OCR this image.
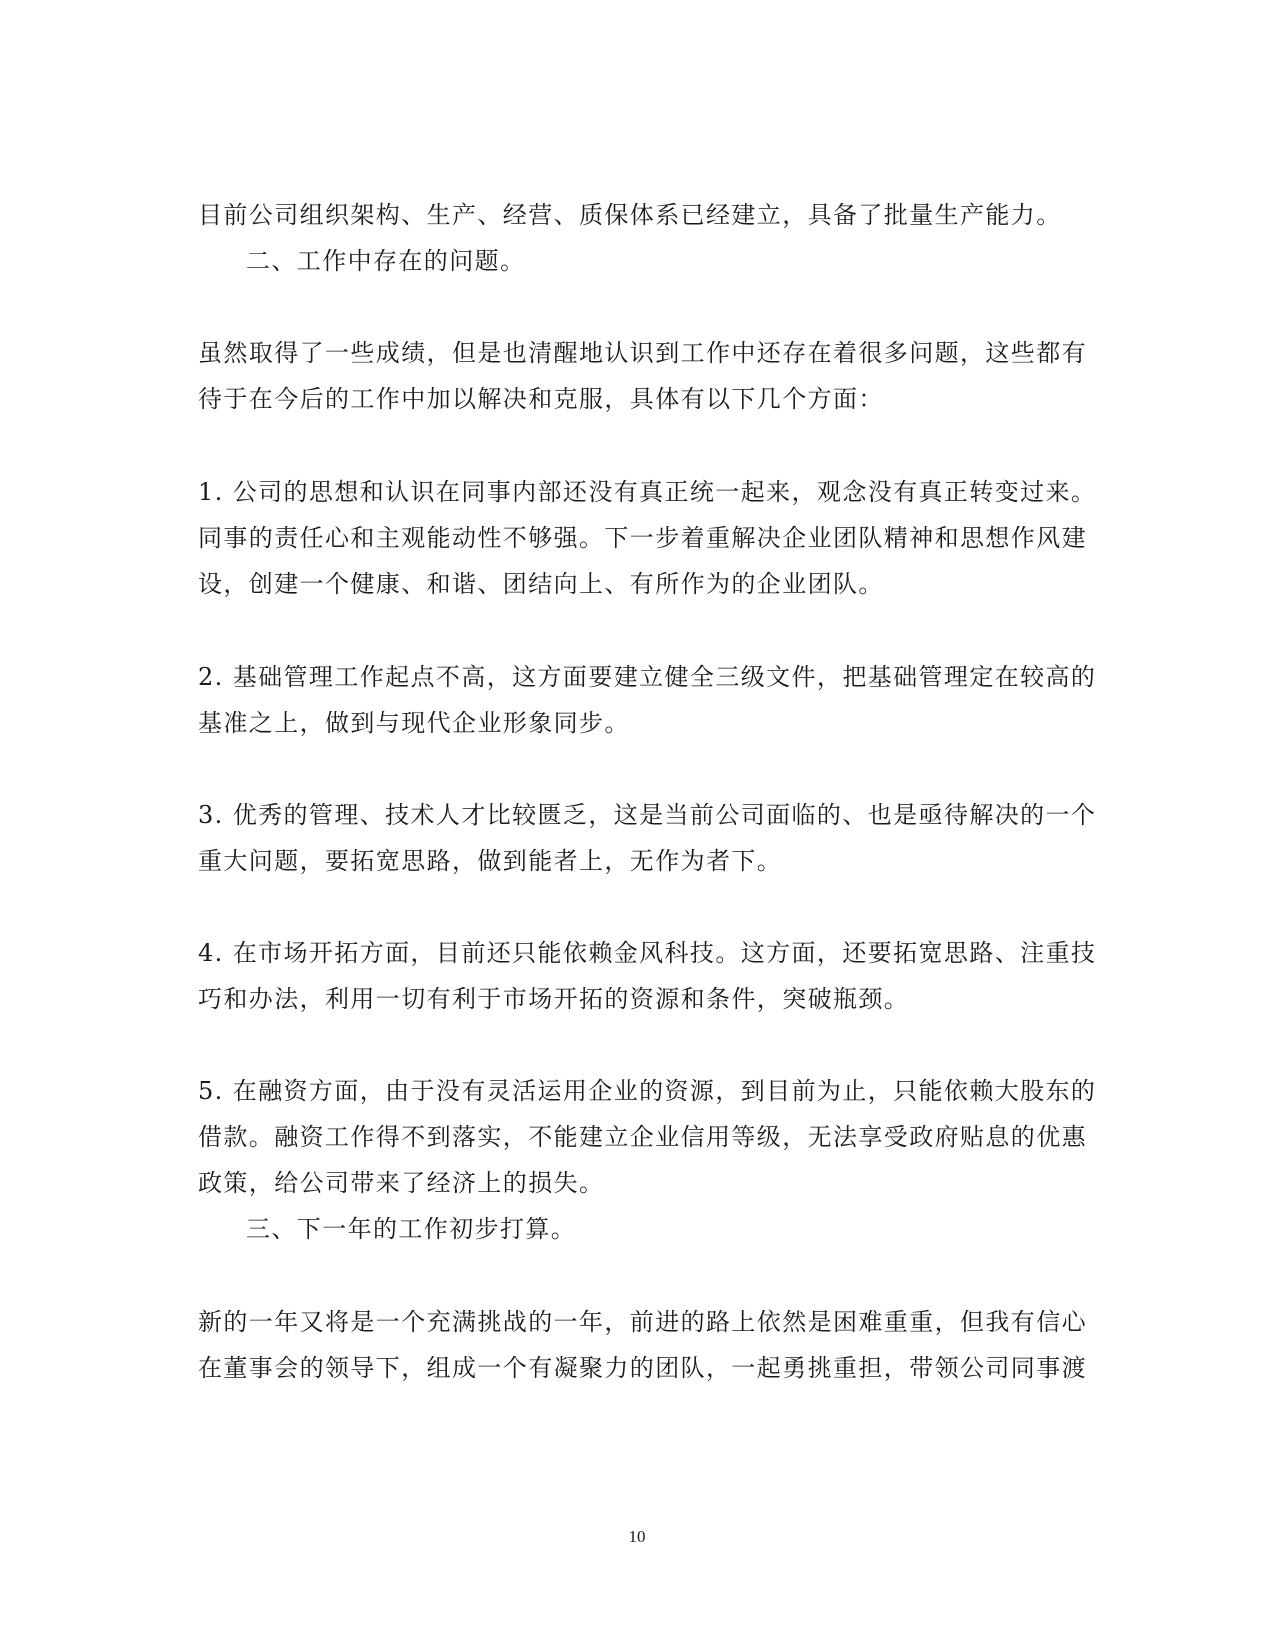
目前公司组织架构、生产、经营、质保体系已经建立，具备了批量生产能力。
二、工作中存在的问题。
虽然取得了一些成绩，但是也清醒地认识到工作中还存在着很多问题，这些都有
待于在今后的工作中加以解决和克服，具体有以下几个方面：
1. 公司的思想和认识在同事内部还没有真正统一起来，观念没有真正转变过来。
同事的责任心和主观能动性不够强。下一步着重解决企业团队精神和思想作风建
设，创建一个健康、和谐、团结向上、有所作为的企业团队。
2. 基础管理工作起点不高，这方面要建立健全三级文件，把基础管理定在较高的
基准之上，做到与现代企业形象同步。
3. 优秀的管理、技术人才比较匮乏，这是当前公司面临的、也是亟待解决的一个
重大问题，要拓宽思路，做到能者上，无作为者下。
4. 在市场开拓方面，目前还只能依赖金风科技。这方面，还要拓宽思路、注重技
巧和办法，利用一切有利于市场开拓的资源和条件，突破瓶颈。
5. 在融资方面，由于没有灵活运用企业的资源，到目前为止，只能依赖大股东的
借款。融资工作得不到落实，不能建立企业信用等级，无法享受政府贴息的优惠
政策，给公司带来了经济上的损失。
三、下一年的工作初步打算。
新的一年又将是一个充满挑战的一年，前进的路上依然是困难重重，但我有信心
在董事会的领导下，组成一个有凝聚力的团队，一起勇挑重担，带领公司同事渡
10
